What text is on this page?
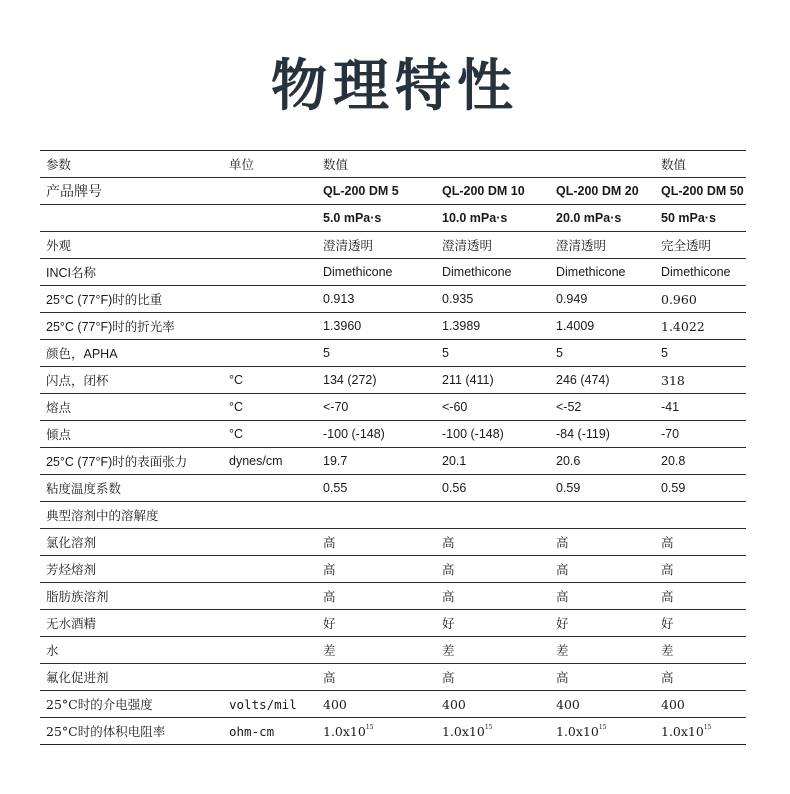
物理特性
参数	单位	数值			数值
产品牌号		QL-200 DM 5	QL-200 DM 10	QL-200 DM 20	QL-200 DM 50
		5.0 mPa·s	10.0 mPa·s	20.0 mPa·s	50 mPa·s
外观		澄清透明	澄清透明	澄清透明	完全透明
INCI名称		Dimethicone	Dimethicone	Dimethicone	Dimethicone
25°C (77°F)时的比重		0.913	0.935	0.949	0.960
25°C (77°F)时的折光率		1.3960	1.3989	1.4009	1.4022
颜色，APHA		5	5	5	5
闪点，闭杯	°C	134 (272)	211 (411)	246 (474)	318
熔点	°C	<-70	<-60	<-52	-41
倾点	°C	-100 (-148)	-100 (-148)	-84 (-119)	-70
25°C (77°F)时的表面张力	dynes/cm	19.7	20.1	20.6	20.8
粘度温度系数		0.55	0.56	0.59	0.59
典型溶剂中的溶解度					
氯化溶剂		高	高	高	高
芳烃熔剂		高	高	高	高
脂肪族溶剂		高	高	高	高
无水酒精		好	好	好	好
水		差	差	差	差
氟化促进剂		高	高	高	高
25°C时的介电强度	volts/mil	400	400	400	400
25°C时的体积电阻率	ohm-cm	$1.0x10^{15}$	$1.0x10^{15}$	$1.0x10^{15}$	$1.0x10^{15}$
